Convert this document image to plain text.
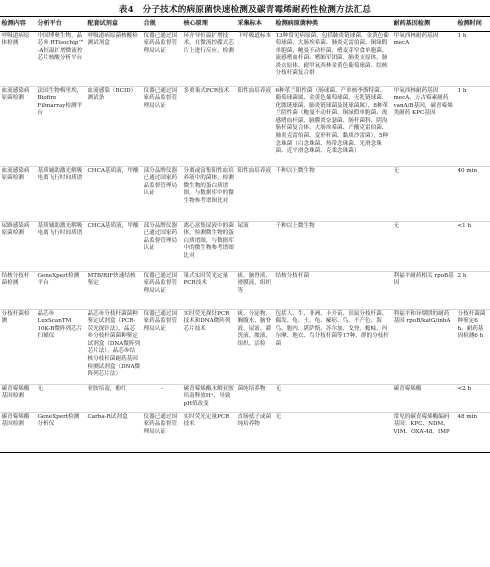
表4　分子技术的病原菌快速检测及碳青霉烯耐药性检测方法汇总
检测内容	分析平台	配套试剂盒	合规	核心原理	采集标本	检测病原菌种类	耐药基因检测	检测时间
呼吸道病原体检测	中国博奥生物，晶芯® RTisochip™ -A恒温扩增微流控芯片核酸分析平台	呼吸道病原菌核酸检测试剂盒	仪器已通过国家药品监督管理局认证	环介导恒温扩增技术，在微流控碟式芯片上进行反应、检测	下呼吸道标本	13种常见病原菌，包括肺炎链球菌、金黄色葡萄球菌、大肠埃希菌、肺炎克雷伯菌、铜绿假单胞菌、鲍曼不动杆菌、嗜麦芽窄食单胞菌、流感嗜血杆菌、嗜肺军团菌、肺炎支原体、肺炎衣原体、耐甲氧西林金黄色葡萄球菌、结核分枝杆菌复合群	甲氧西林耐药基因 mecA	1 h
血流感染病原菌检测	法国生物梅里埃，Biofire Filmarray检测平台	血流感染（BCID）测试条	仪器已通过国家药品监督管理局认证	多重巢式PCR技术	阳性血培养液	6种革兰阳性菌（肠球菌、产单核李斯特菌、葡萄球菌属、金黄色葡萄球菌、无乳链球菌、化脓链球菌、肺炎链球菌及链球菌属），8种革兰阴性菌（鲍曼不动杆菌、铜绿假单胞菌、流感嗜血杆菌、脑膜炎奈瑟菌、肠杆菌科、阴沟肠杆菌复合体、大肠埃希菌、产酸克雷伯菌、肺炎克雷伯菌、变形杆菌、黏质沙雷菌），5种念珠菌（白念珠菌、热带念珠菌、光滑念珠菌、近平滑念珠菌、克柔念珠菌）	甲氧西林耐药基因 mecA，万古霉素耐药 vanA/B基因，碳青霉烯类耐药 KPC基因	1 h
血流感染病原菌检测	基质辅助激光解吸电离飞行时间质谱	CHCA基质液，甲酸	部分品牌仪器已通过国家药品监督管理局认证	分离或富集阳性血培养液中的菌体，检测微生物的蛋白质谱图，与数据库中的微生物参考谱图比对	阳性血培养液	千种以上微生物	无	40 min
尿路感染病原菌检测	基质辅助激光解吸电离飞行时间质谱	CHCA基质液，甲酸	部分品牌仪器已通过国家药品监督管理局认证	离心富集尿液中的菌体，检测微生物的蛋白质谱图，与数据库中的微生物参考谱图比对	尿液	千种以上微生物	无	<1 h
结核分枝杆菌检测	GeneXpert检测平台	MTB/RIF快速结核鉴定	仪器已通过国家药品监督管理局认证	巢式实时荧光定量PCR技术	痰、脑脊液、滑膜液、组织等	结核分枝杆菌	利福平耐药相关 rpoB基因	2 h
分枝杆菌检测	晶芯® LuxScanTM 10K-B微阵列芯片扫描仪	晶芯®分枝杆菌菌种鉴定试剂盒（PCR-荧光探针法），晶芯®分枝杆菌菌种鉴定试剂盒（DNA微阵列芯片法），晶芯®结核分枝杆菌耐药基因检测试剂盒（DNA微阵列芯片法）	仪器已通过国家药品监督管理局认证	实时荧光探针PCR技术和DNA微阵列芯片技术	痰、分泌物、胸腹水、脑脊液、尿液、灌洗液、脓液、组织、活检	包括人、牛、非洲、卡介苗、田鼠分枝杆菌、偶发、龟、土、龟、瘰疬、鸟、不产色、海鸟、胞内、堪萨斯、苏尔加、戈登、蟾蜍、玛尔摩、地衣、鸟分枝杆菌等17种、群的分枝杆菌	利福平和异烟肼的耐药基因 rpoB/katG/inhA	分枝杆菌菌种鉴定6 h，耐药基因检测6 h
碳青霉烯酶基因检测	无	亚胺培南，酚红	-	碳青霉烯酶水解亚胺培南释放H⁺，导致pH值改变	菌纯培养物	无	碳青霉烯酶	<2 h
碳青霉烯酶基因检测	GeneXpert检测分析仪	Carba-R试剂盒	仪器已通过国家药品监督管理局认证	实时荧光定量PCR技术	直肠拭子或菌纯培养物	无	常见的碳青霉烯酶编码基因：KPC、NDM、VIM、OXA-48、IMP	48 min
